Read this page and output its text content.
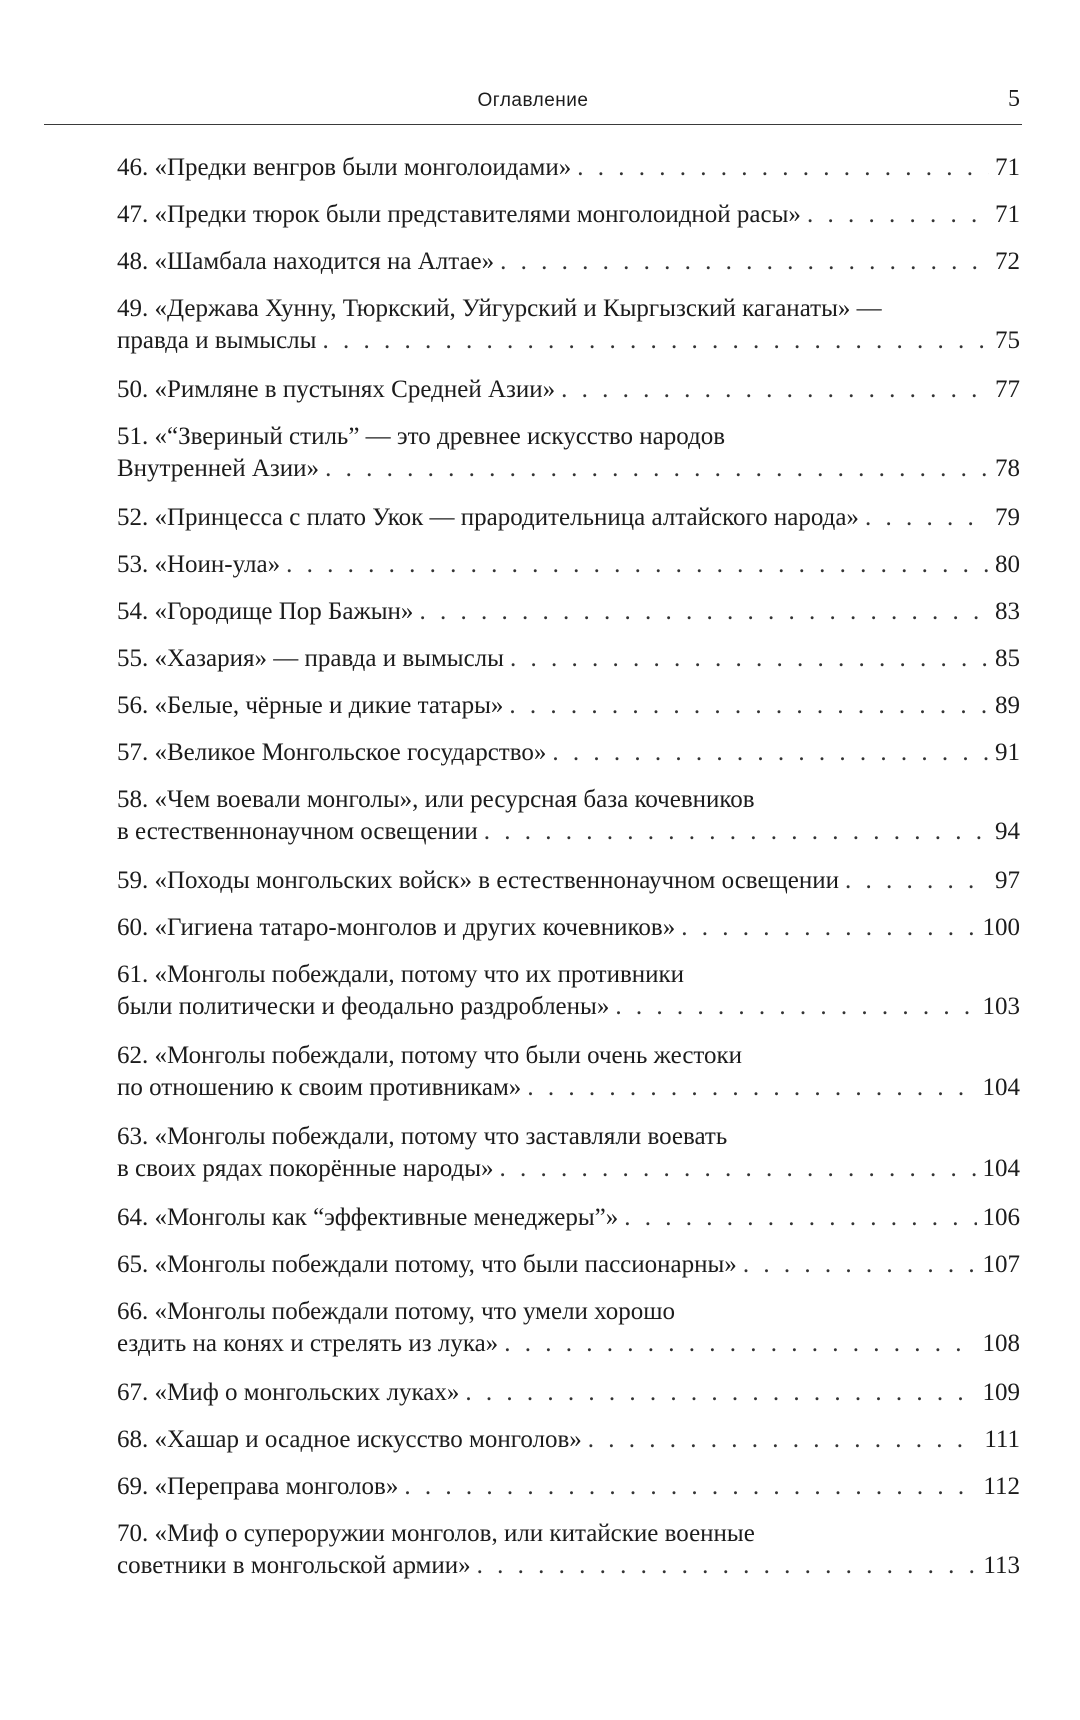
Оглавление	5
46. «Предки венгров были монголоидами» . . .	71
47. «Предки тюрок были представителями монголоидной расы» . . .	71
48. «Шамбала находится на Алтае» . . .	72
49. «Держава Хунну, Тюркский, Уйгурский и Кыргызский каганаты» —
правда и вымыслы . . .	75
50. «Римляне в пустынях Средней Азии» . . .	77
51. «“Звериный стиль” — это древнее искусство народов
Внутренней Азии» . . .	78
52. «Принцесса с плато Укок — прародительница алтайского народа» . . .	79
53. «Ноин-ула» . . .	80
54. «Городище Пор Бажын» . . .	83
55. «Хазария» — правда и вымыслы . . .	85
56. «Белые, чёрные и дикие татары» . . .	89
57. «Великое Монгольское государство» . . .	91
58. «Чем воевали монголы», или ресурсная база кочевников
в естественнонаучном освещении . . .	94
59. «Походы монгольских войск» в естественнонаучном освещении . . .	97
60. «Гигиена татаро-монголов и других кочевников» . . .	100
61. «Монголы побеждали, потому что их противники
были политически и феодально раздроблены» . . .	103
62. «Монголы побеждали, потому что были очень жестоки
по отношению к своим противникам» . . .	104
63. «Монголы побеждали, потому что заставляли воевать
в своих рядах покорённые народы» . . .	104
64. «Монголы как “эффективные менеджеры”» . . .	106
65. «Монголы побеждали потому, что были пассионарны» . . .	107
66. «Монголы побеждали потому, что умели хорошо
ездить на конях и стрелять из лука» . . .	108
67. «Миф о монгольских луках» . . .	109
68. «Хашар и осадное искусство монголов» . . .	111
69. «Переправа монголов» . . .	112
70. «Миф о супероружии монголов, или китайские военные
советники в монгольской армии» . . .	113
